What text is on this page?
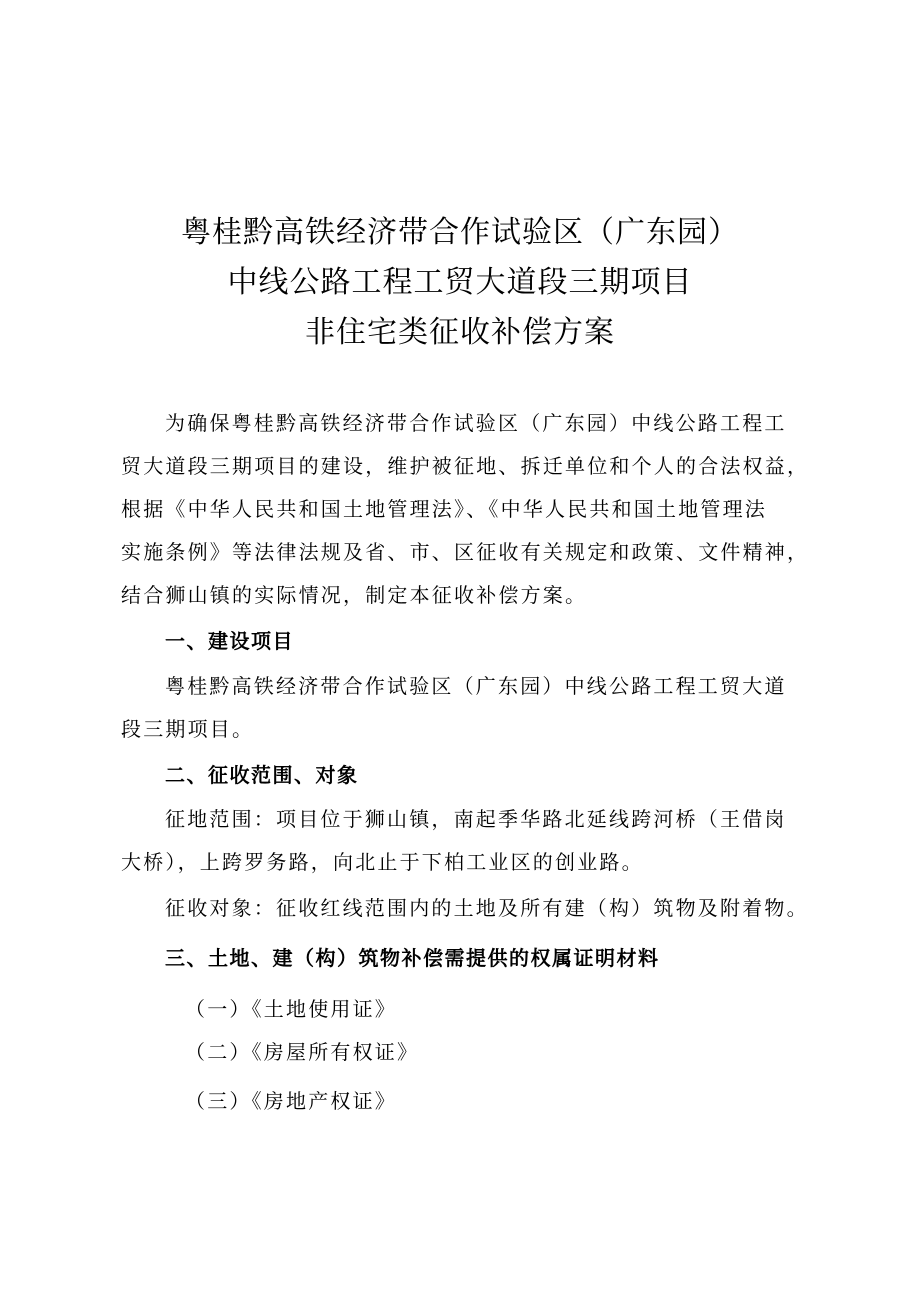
粤桂黔高铁经济带合作试验区（广东园）
中线公路工程工贸大道段三期项目
非住宅类征收补偿方案
为确保粤桂黔高铁经济带合作试验区（广东园）中线公路工程工
贸大道段三期项目的建设，维护被征地、拆迁单位和个人的合法权益，
根据《中华人民共和国土地管理法》、《中华人民共和国土地管理法
实施条例》等法律法规及省、市、区征收有关规定和政策、文件精神，
结合狮山镇的实际情况，制定本征收补偿方案。
一、建设项目
粤桂黔高铁经济带合作试验区（广东园）中线公路工程工贸大道
段三期项目。
二、征收范围、对象
征地范围：项目位于狮山镇，南起季华路北延线跨河桥（王借岗
大桥），上跨罗务路，向北止于下柏工业区的创业路。
征收对象：征收红线范围内的土地及所有建（构）筑物及附着物。
三、土地、建（构）筑物补偿需提供的权属证明材料
（一）《土地使用证》
（二）《房屋所有权证》
（三）《房地产权证》
